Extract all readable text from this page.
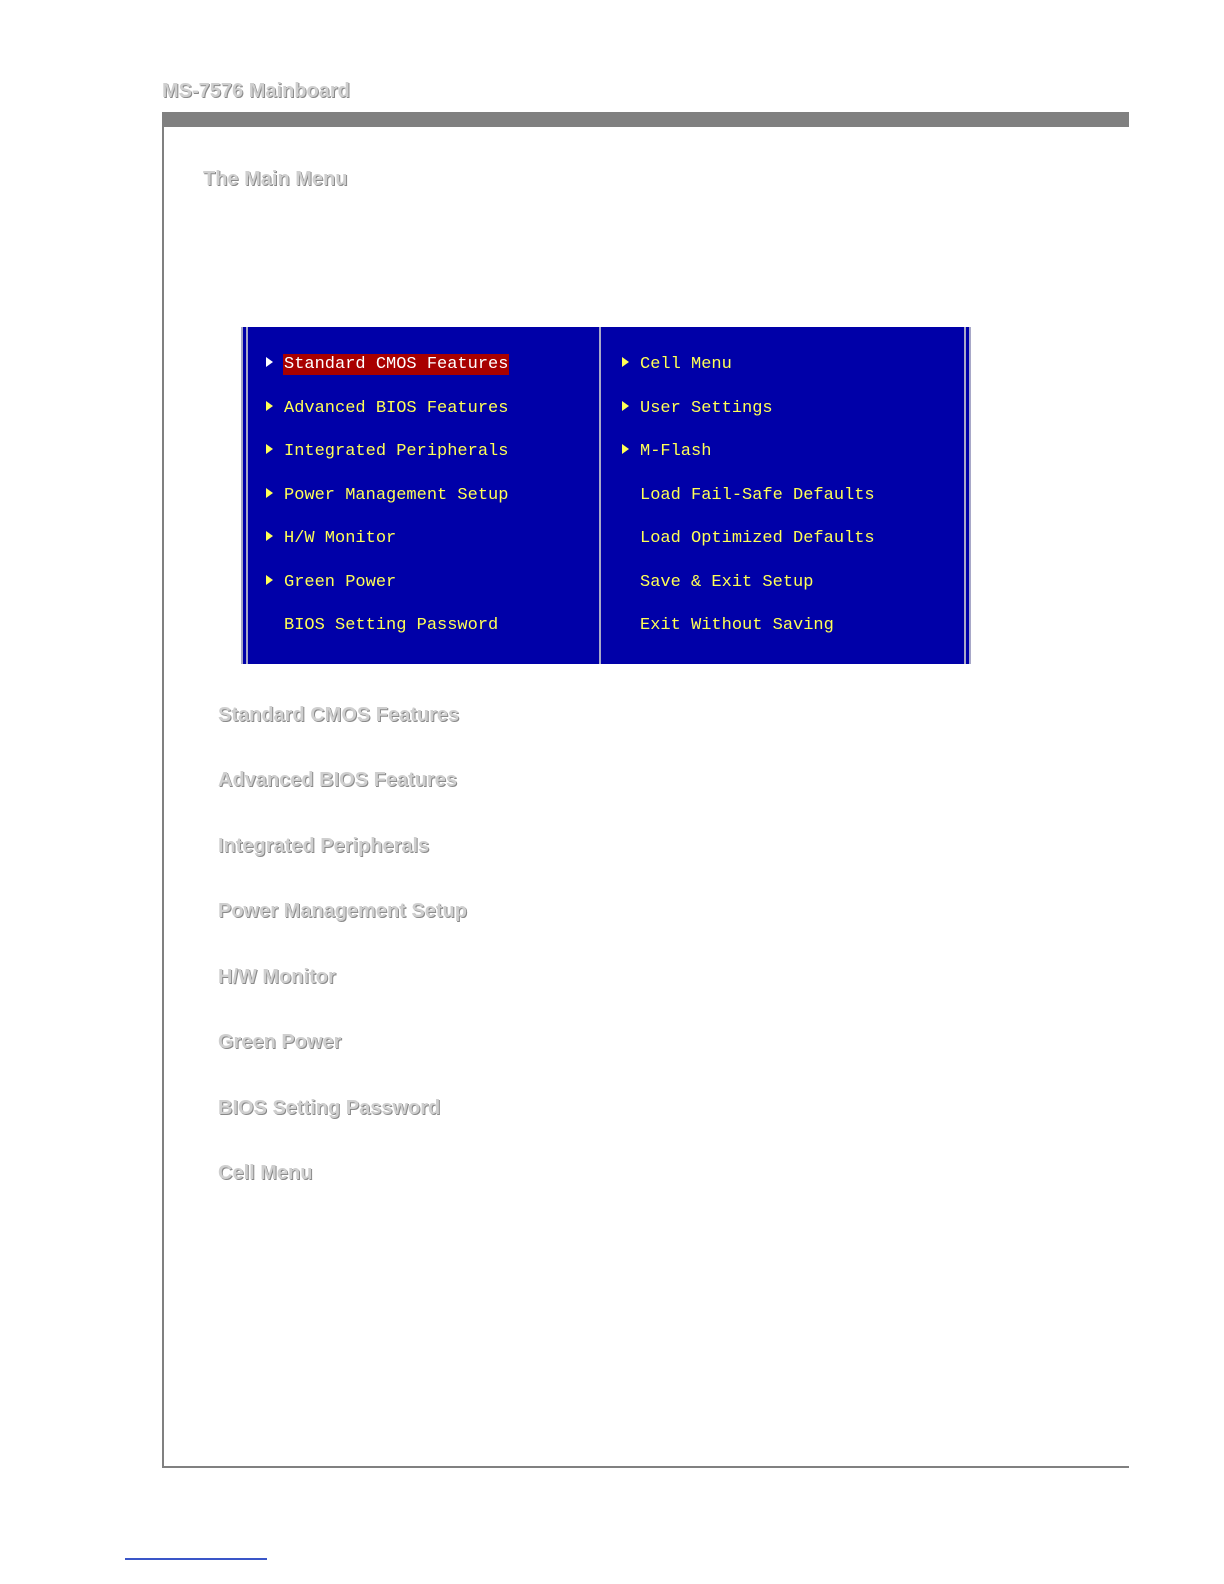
MS-7576 Mainboard
The Main Menu
Standard CMOS Features
Advanced BIOS Features
Integrated Peripherals
Power Management Setup
H/W Monitor
Green Power
BIOS Setting Password
Cell Menu
User Settings
M-Flash
Load Fail-Safe Defaults
Load Optimized Defaults
Save & Exit Setup
Exit Without Saving
Standard CMOS Features
Advanced BIOS Features
Integrated Peripherals
Power Management Setup
H/W Monitor
Green Power
BIOS Setting Password
Cell Menu
